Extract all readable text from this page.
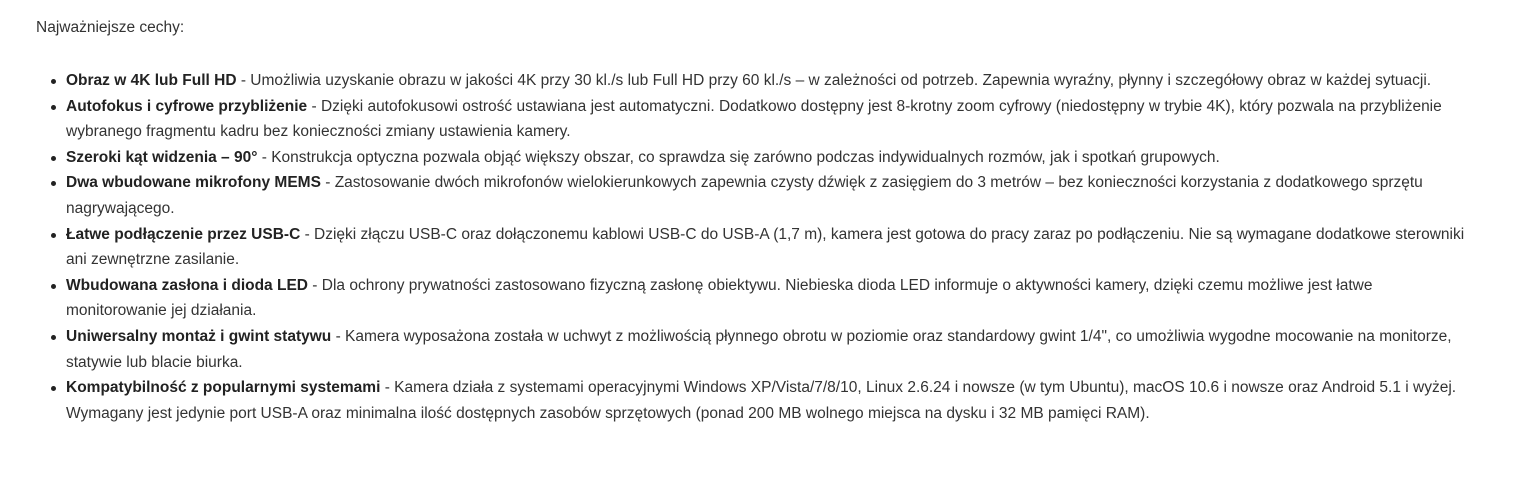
Najważniejsze cechy:

Obraz w 4K lub Full HD - Umożliwia uzyskanie obrazu w jakości 4K przy 30 kl./s lub Full HD przy 60 kl./s – w zależności od potrzeb. Zapewnia wyraźny, płynny i szczegółowy obraz w każdej sytuacji.
Autofokus i cyfrowe przybliżenie - Dzięki autofokusowi ostrość ustawiana jest automatyczni. Dodatkowo dostępny jest 8-krotny zoom cyfrowy (niedostępny w trybie 4K), który pozwala na przybliżenie wybranego fragmentu kadru bez konieczności zmiany ustawienia kamery.
Szeroki kąt widzenia – 90° - Konstrukcja optyczna pozwala objąć większy obszar, co sprawdza się zarówno podczas indywidualnych rozmów, jak i spotkań grupowych.
Dwa wbudowane mikrofony MEMS - Zastosowanie dwóch mikrofonów wielokierunkowych zapewnia czysty dźwięk z zasięgiem do 3 metrów – bez konieczności korzystania z dodatkowego sprzętu nagrywającego.
Łatwe podłączenie przez USB-C - Dzięki złączu USB-C oraz dołączonemu kablowi USB-C do USB-A (1,7 m), kamera jest gotowa do pracy zaraz po podłączeniu. Nie są wymagane dodatkowe sterowniki ani zewnętrzne zasilanie.
Wbudowana zasłona i dioda LED - Dla ochrony prywatności zastosowano fizyczną zasłonę obiektywu. Niebieska dioda LED informuje o aktywności kamery, dzięki czemu możliwe jest łatwe monitorowanie jej działania.
Uniwersalny montaż i gwint statywu - Kamera wyposażona została w uchwyt z możliwością płynnego obrotu w poziomie oraz standardowy gwint 1/4", co umożliwia wygodne mocowanie na monitorze, statywie lub blacie biurka.
Kompatybilność z popularnymi systemami - Kamera działa z systemami operacyjnymi Windows XP/Vista/7/8/10, Linux 2.6.24 i nowsze (w tym Ubuntu), macOS 10.6 i nowsze oraz Android 5.1 i wyżej. Wymagany jest jedynie port USB-A oraz minimalna ilość dostępnych zasobów sprzętowych (ponad 200 MB wolnego miejsca na dysku i 32 MB pamięci RAM).
